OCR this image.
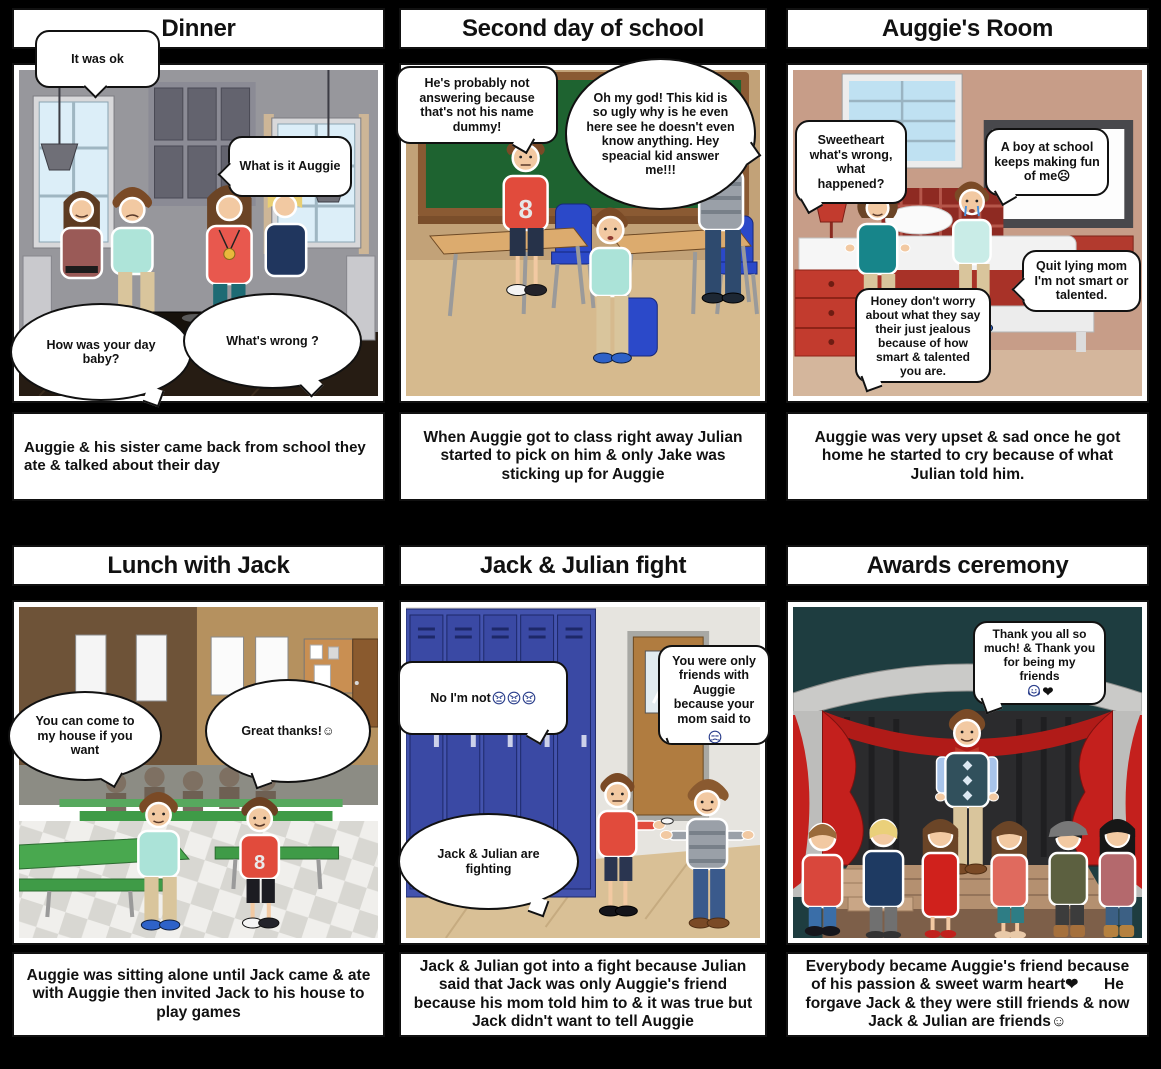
Dinner
It was ok
What is it Auggie
How was your day baby?
What's wrong ?
Auggie & his sister came back from school they ate & talked about their day
Second day of school
8
He's probably not answering because that's not his name dummy!
Oh my god! This kid is so ugly why is he even here see he doesn't even know anything. Hey speacial kid answer me!!!
When Auggie got to class right away Julian started to pick on him & only Jake was sticking up for Auggie
Auggie's Room
Sweetheart what's wrong, what happened?
A boy at school keeps making fun of me☹
Quit lying mom I'm not smart or talented.
Honey don't worry about what they say their just jealous because of how smart & talented you are.
Auggie was very upset & sad once he got home he started to cry because of what Julian told him.
Lunch with Jack
8
You can come to my house if you want
Great thanks!☺
Auggie was sitting alone until Jack came & ate with Auggie then invited Jack to his house to play games
Jack & Julian fight
No I'm not
You were only friends with Auggie because your mom said to
Jack & Julian are fighting
Jack & Julian got into a fight because Julian said that Jack was only Auggie's friend because his mom told him to & it was true but Jack didn't want to tell Auggie
Awards ceremony
Thank you all so much! & Thank you for being my friends
❤
Everybody became Auggie's friend because of his passion & sweet warm heart❤      He forgave Jack & they were still friends & now Jack & Julian are friends☺
